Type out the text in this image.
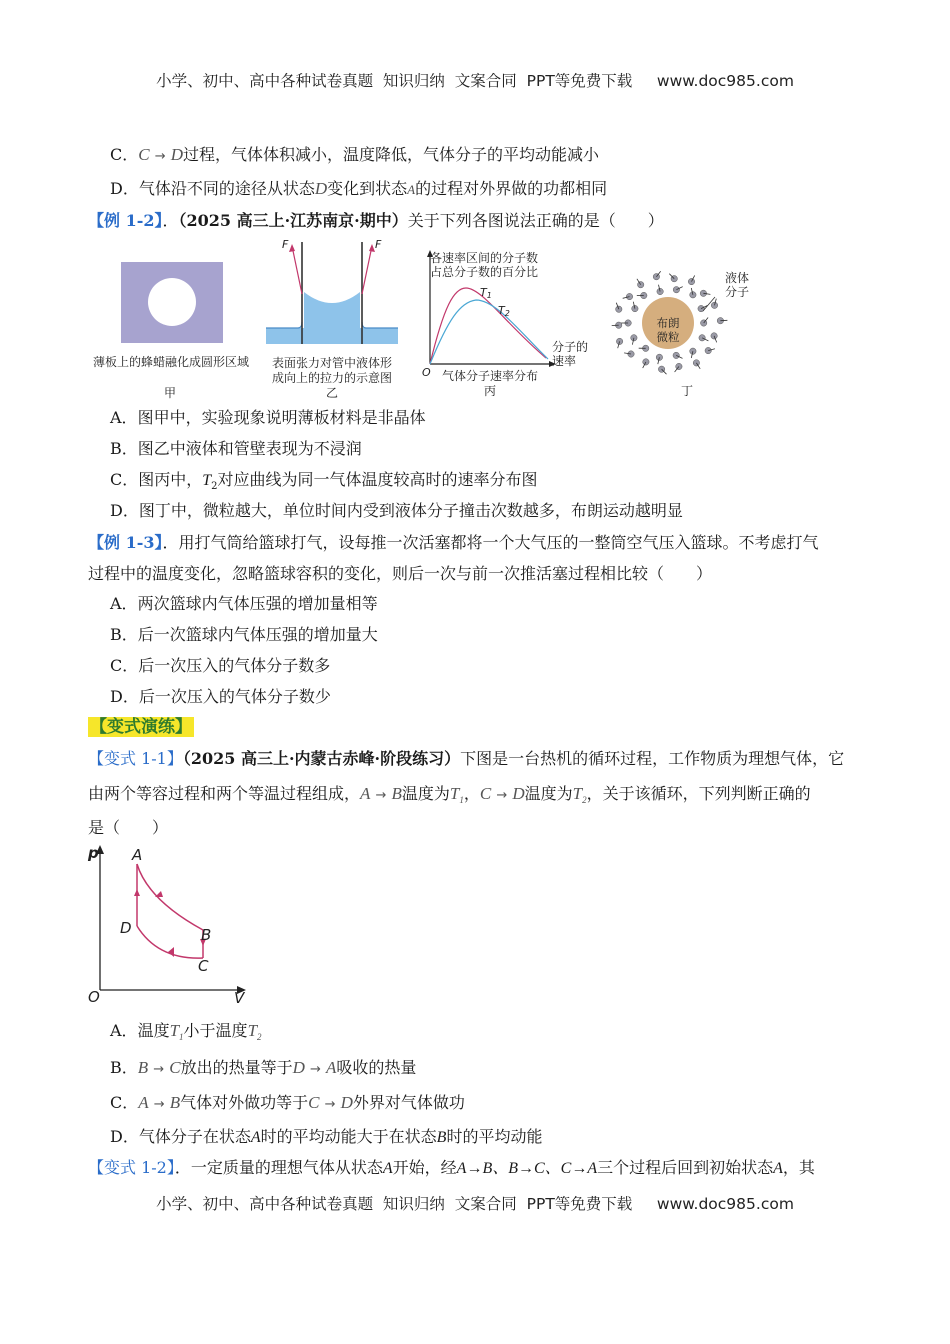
小学、初中、高中各种试卷真题  知识归纳  文案合同  PPT等免费下载     www.doc985.com
C．C → D过程，气体体积减小，温度降低，气体分子的平均动能减小
D．气体沿不同的途径从状态D变化到状态A的过程对外界做的功都相同
【例 1-2】．（2025 高三上·江苏南京·期中）关于下列各图说法正确的是（　　）
薄板上的蜂蜡融化成圆形区域
甲
F	F
表面张力对管中液体形
成向上的拉力的示意图
乙
T1
T2
O
各速率区间的分子数
占总分子数的百分比
分子的
速率
气体分子速率分布
丙
布朗
微粒
液体
分子
丁
A．图甲中，实验现象说明薄板材料是非晶体
B．图乙中液体和管壁表现为不浸润
C．图丙中，$T_2$对应曲线为同一气体温度较高时的速率分布图
D．图丁中，微粒越大，单位时间内受到液体分子撞击次数越多，布朗运动越明显
【例 1-3】．用打气筒给篮球打气，设每推一次活塞都将一个大气压的一整筒空气压入篮球。不考虑打气
过程中的温度变化，忽略篮球容积的变化，则后一次与前一次推活塞过程相比较（　　）
A．两次篮球内气体压强的增加量相等
B．后一次篮球内气体压强的增加量大
C．后一次压入的气体分子数多
D．后一次压入的气体分子数少
【变式演练】
【变式 1-1】（2025 高三上·内蒙古赤峰·阶段练习）下图是一台热机的循环过程，工作物质为理想气体，它
由两个等容过程和两个等温过程组成，A → B温度为$T_1$，C → D温度为$T_2$，关于该循环，下列判断正确的
是（　　）
p
V
O
A
B
C
D
A．温度$T_1$小于温度$T_2$
B．B → C放出的热量等于D → A吸收的热量
C．A → B气体对外做功等于C → D外界对气体做功
D．气体分子在状态A时的平均动能大于在状态B时的平均动能
【变式 1-2】．一定质量的理想气体从状态A开始，经A→B、B→C、C→A三个过程后回到初始状态A，其
小学、初中、高中各种试卷真题  知识归纳  文案合同  PPT等免费下载     www.doc985.com
